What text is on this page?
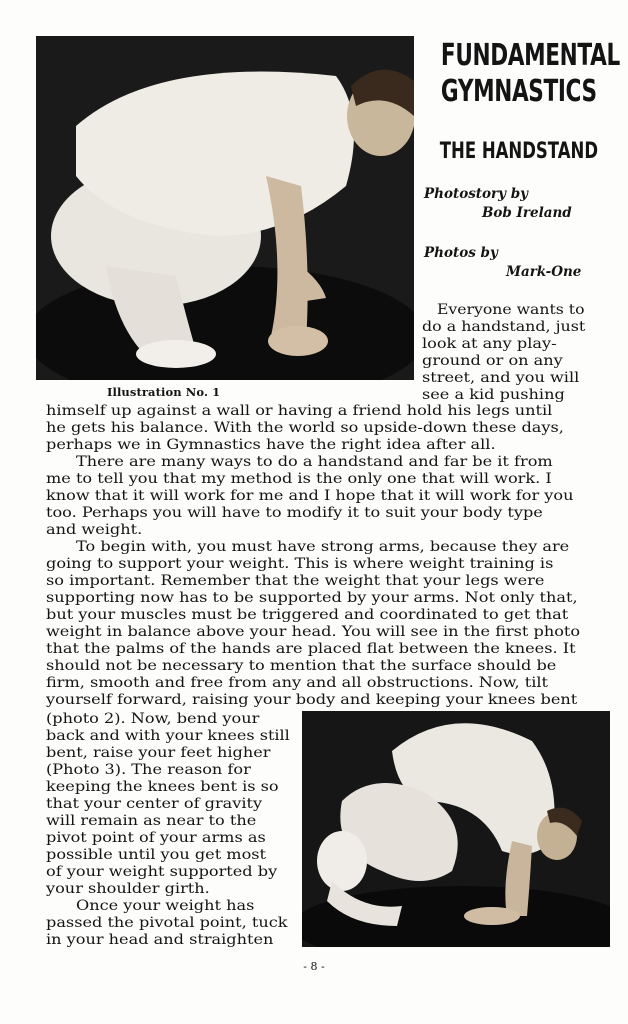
Illustration No. 1
FUNDAMENTAL
GYMNASTICS
THE HANDSTAND
Photostory by
Bob Ireland
Photos by
Mark-One
Everyone wants to
do a handstand, just
look at any play-
ground or on any
street, and you will
see a kid pushing
himself up against a wall or having a friend hold his legs until
he gets his balance. With the world so upside-down these days,
perhaps we in Gymnastics have the right idea after all.
There are many ways to do a handstand and far be it from
me to tell you that my method is the only one that will work. I
know that it will work for me and I hope that it will work for you
too. Perhaps you will have to modify it to suit your body type
and weight.
To begin with, you must have strong arms, because they are
going to support your weight. This is where weight training is
so important. Remember that the weight that your legs were
supporting now has to be supported by your arms. Not only that,
but your muscles must be triggered and coordinated to get that
weight in balance above your head. You will see in the first photo
that the palms of the hands are placed flat between the knees. It
should not be necessary to mention that the surface should be
firm, smooth and free from any and all obstructions. Now, tilt
yourself forward, raising your body and keeping your knees bent
(photo 2). Now, bend your
back and with your knees still
bent, raise your feet higher
(Photo 3). The reason for
keeping the knees bent is so
that your center of gravity
will remain as near to the
pivot point of your arms as
possible until you get most
of your weight supported by
your shoulder girth.
Once your weight has
passed the pivotal point, tuck
in your head and straighten
- 8 -
